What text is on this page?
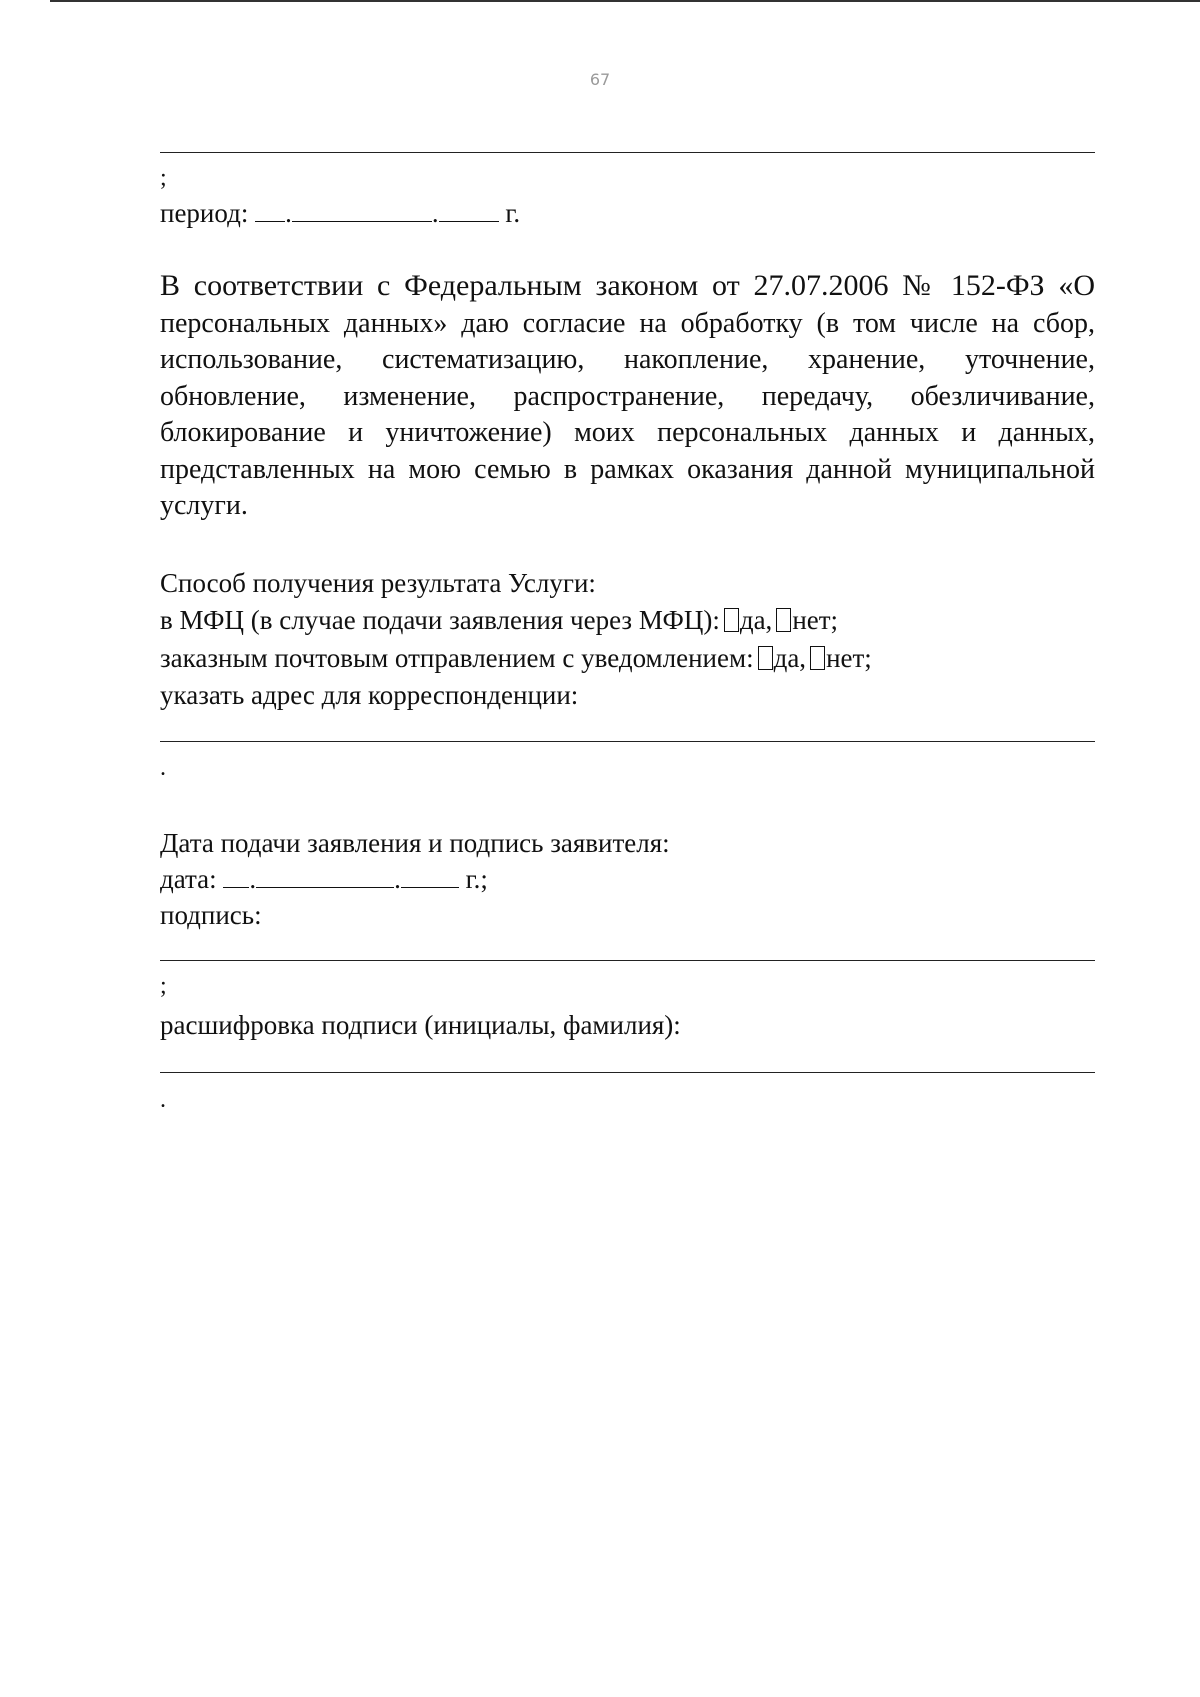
67
;
период: .	. г.
В соответствии с Федеральным законом от 27.07.2006 № 152-ФЗ «О персональных данных» даю согласие на обработку (в том числе на сбор, использование, систематизацию, накопление, хранение, уточнение, обновление, изменение, распространение, передачу, обезличивание, блокирование и уничтожение) моих персональных данных и данных, представленных на мою семью в рамках оказания данной муниципальной услуги.
Способ получения результата Услуги:
в МФЦ (в случае подачи заявления через МФЦ): да, нет;
заказным почтовым отправлением с уведомлением: да, нет;
указать адрес для корреспонденции:
.
Дата подачи заявления и подпись заявителя:
дата: .	. г.;
подпись:
;
расшифровка подписи (инициалы, фамилия):
.
